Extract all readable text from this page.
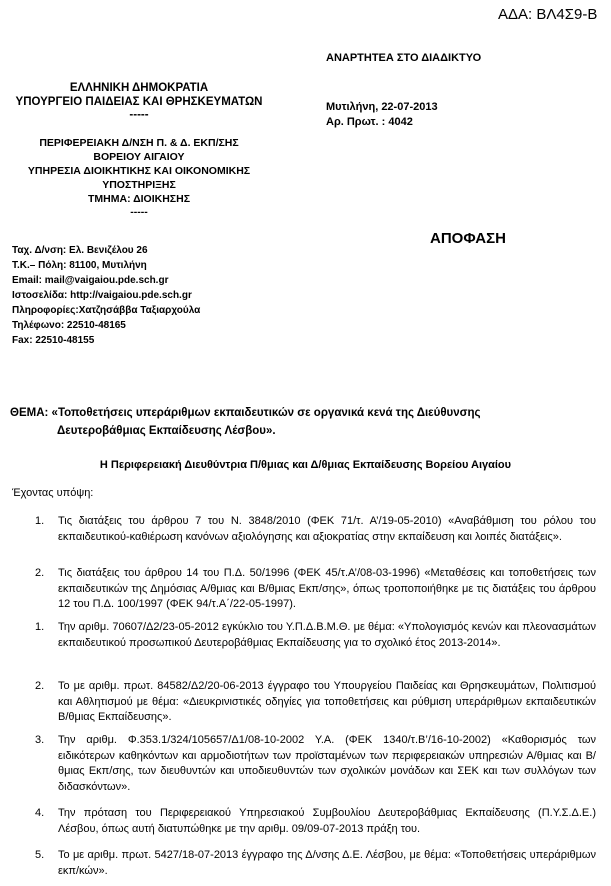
ΑΔΑ: ΒΛ4Σ9-Β
ΑΝΑΡΤΗΤΕΑ ΣΤΟ ΔΙΑΔΙΚΤΥΟ
ΕΛΛΗΝΙΚΗ ΔΗΜΟΚΡΑΤΙΑ
ΥΠΟΥΡΓΕΙΟ ΠΑΙΔΕΙΑΣ ΚΑΙ ΘΡΗΣΚΕΥΜΑΤΩΝ
-----
ΠΕΡΙΦΕΡΕΙΑΚΗ Δ/ΝΣΗ Π. & Δ. ΕΚΠ/ΣΗΣ
ΒΟΡΕΙΟΥ ΑΙΓΑΙΟΥ
ΥΠΗΡΕΣΙΑ ΔΙΟΙΚΗΤΙΚΗΣ ΚΑΙ ΟΙΚΟΝΟΜΙΚΗΣ
ΥΠΟΣΤΗΡΙΞΗΣ
ΤΜΗΜΑ: ΔΙΟΙΚΗΣΗΣ
-----
Μυτιλήνη, 22-07-2013
Αρ. Πρωτ. : 4042
ΑΠΟΦΑΣΗ
Ταχ. Δ/νση: Ελ. Βενιζέλου 26
Τ.Κ.– Πόλη: 81100, Μυτιλήνη
Email: mail@vaigaiou.pde.sch.gr
Ιστοσελίδα: http://vaigaiou.pde.sch.gr
Πληροφορίες:Χατζησάββα Ταξιαρχούλα
Τηλέφωνο: 22510-48165
Fax: 22510-48155
ΘΕΜΑ: «Τοποθετήσεις υπεράριθμων εκπαιδευτικών σε οργανικά κενά της Διεύθυνσης
Δευτεροβάθμιας Εκπαίδευσης Λέσβου».
Η Περιφερειακή Διευθύντρια Π/θμιας και Δ/θμιας Εκπαίδευσης Βορείου Αιγαίου
Έχοντας υπόψη:
1. Τις διατάξεις του άρθρου 7 του Ν. 3848/2010 (ΦΕΚ 71/τ. Α’/19-05-2010) «Αναβάθμιση του ρόλου του εκπαιδευτικού-καθιέρωση κανόνων αξιολόγησης και αξιοκρατίας στην εκπαίδευση και λοιπές διατάξεις».
2. Τις διατάξεις του άρθρου 14 του Π.Δ. 50/1996 (ΦΕΚ 45/τ.Α’/08-03-1996) «Μεταθέσεις και τοποθετήσεις των εκπαιδευτικών της Δημόσιας Α/θμιας και Β/θμιας Εκπ/σης», όπως τροποποιήθηκε με τις διατάξεις του άρθρου 12 του Π.Δ. 100/1997 (ΦΕΚ 94/τ.Α΄/22-05-1997).
1. Την αριθμ. 70607/Δ2/23-05-2012 εγκύκλιο του Υ.Π.Δ.Β.Μ.Θ. με θέμα: «Υπολογισμός κενών και πλεονασμάτων εκπαιδευτικού προσωπικού Δευτεροβάθμιας Εκπαίδευσης για το σχολικό έτος 2013-2014».
2. Το με αριθμ. πρωτ. 84582/Δ2/20-06-2013 έγγραφο του Υπουργείου Παιδείας και Θρησκευμάτων, Πολιτισμού και Αθλητισμού με θέμα: «Διευκρινιστικές οδηγίες για τοποθετήσεις και ρύθμιση υπεράριθμων εκπαιδευτικών Β/θμιας Εκπαίδευσης».
3. Την αριθμ. Φ.353.1/324/105657/Δ1/08-10-2002 Υ.Α. (ΦΕΚ 1340/τ.Β’/16-10-2002) «Καθορισμός των ειδικότερων καθηκόντων και αρμοδιοτήτων των προϊσταμένων των περιφερειακών υπηρεσιών Α/θμιας και Β/θμιας Εκπ/σης, των διευθυντών και υποδιευθυντών των σχολικών μονάδων και ΣΕΚ και των συλλόγων των διδασκόντων».
4. Την πρόταση του Περιφερειακού Υπηρεσιακού Συμβουλίου Δευτεροβάθμιας Εκπαίδευσης (Π.Υ.Σ.Δ.Ε.) Λέσβου, όπως αυτή διατυπώθηκε με την αριθμ. 09/09-07-2013 πράξη του.
5. Το με αριθμ. πρωτ. 5427/18-07-2013 έγγραφο της Δ/νσης Δ.Ε. Λέσβου, με θέμα: «Τοποθετήσεις υπεράριθμων εκπ/κών».
